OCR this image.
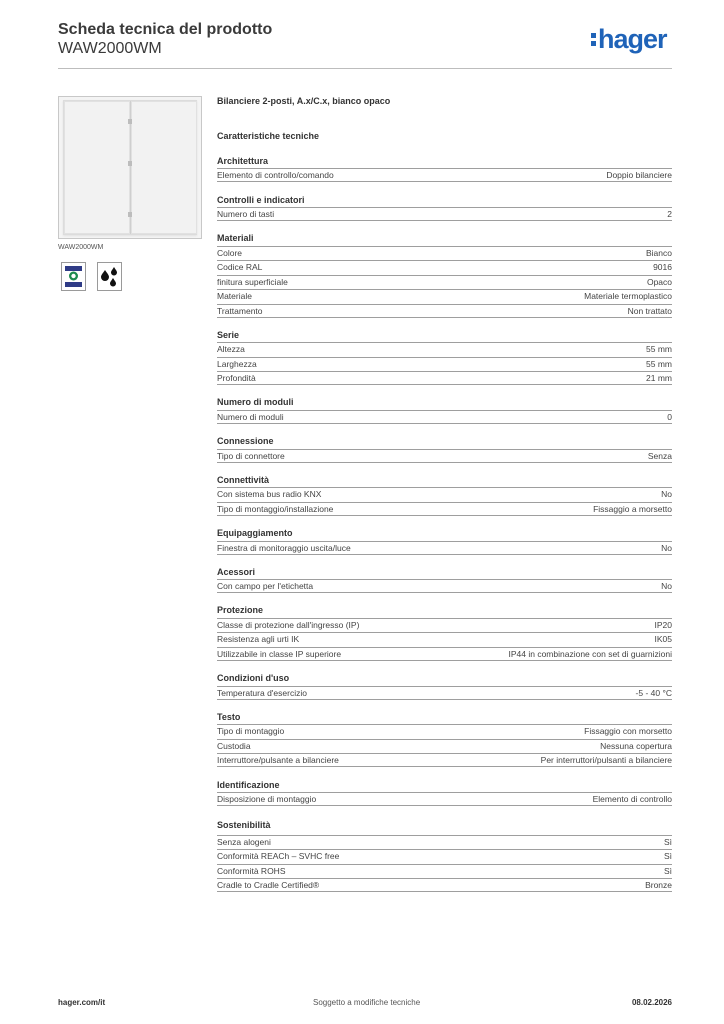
Scheda tecnica del prodotto
WAW2000WM	hager
WAW2000WM
Bilanciere 2-posti, A.x/C.x, bianco opaco
Caratteristiche tecniche
Architettura
Elemento di controllo/comando	Doppio bilanciere
Controlli e indicatori
Numero di tasti	2
Materiali
Colore	Bianco
Codice RAL	9016
finitura superficiale	Opaco
Materiale	Materiale termoplastico
Trattamento	Non trattato
Serie
Altezza	55 mm
Larghezza	55 mm
Profondità	21 mm
Numero di moduli
Numero di moduli	0
Connessione
Tipo di connettore	Senza
Connettività
Con sistema bus radio KNX	No
Tipo di montaggio/installazione	Fissaggio a morsetto
Equipaggiamento
Finestra di monitoraggio uscita/luce	No
Acessori
Con campo per l'etichetta	No
Protezione
Classe di protezione dall'ingresso (IP)	IP20
Resistenza agli urti IK	IK05
Utilizzabile in classe IP superiore	IP44 in combinazione con set di guarnizioni
Condizioni d'uso
Temperatura d'esercizio	-5 - 40 °C
Testo
Tipo di montaggio	Fissaggio con morsetto
Custodia	Nessuna copertura
Interruttore/pulsante a bilanciere	Per interruttori/pulsanti a bilanciere
Identificazione
Disposizione di montaggio	Elemento di controllo
Sostenibilità
Senza alogeni	Sì
Conformità REACh – SVHC free	Sì
Conformità ROHS	Sì
Cradle to Cradle Certified®	Bronze
hager.com/it	Soggetto a modifiche tecniche	08.02.2026
